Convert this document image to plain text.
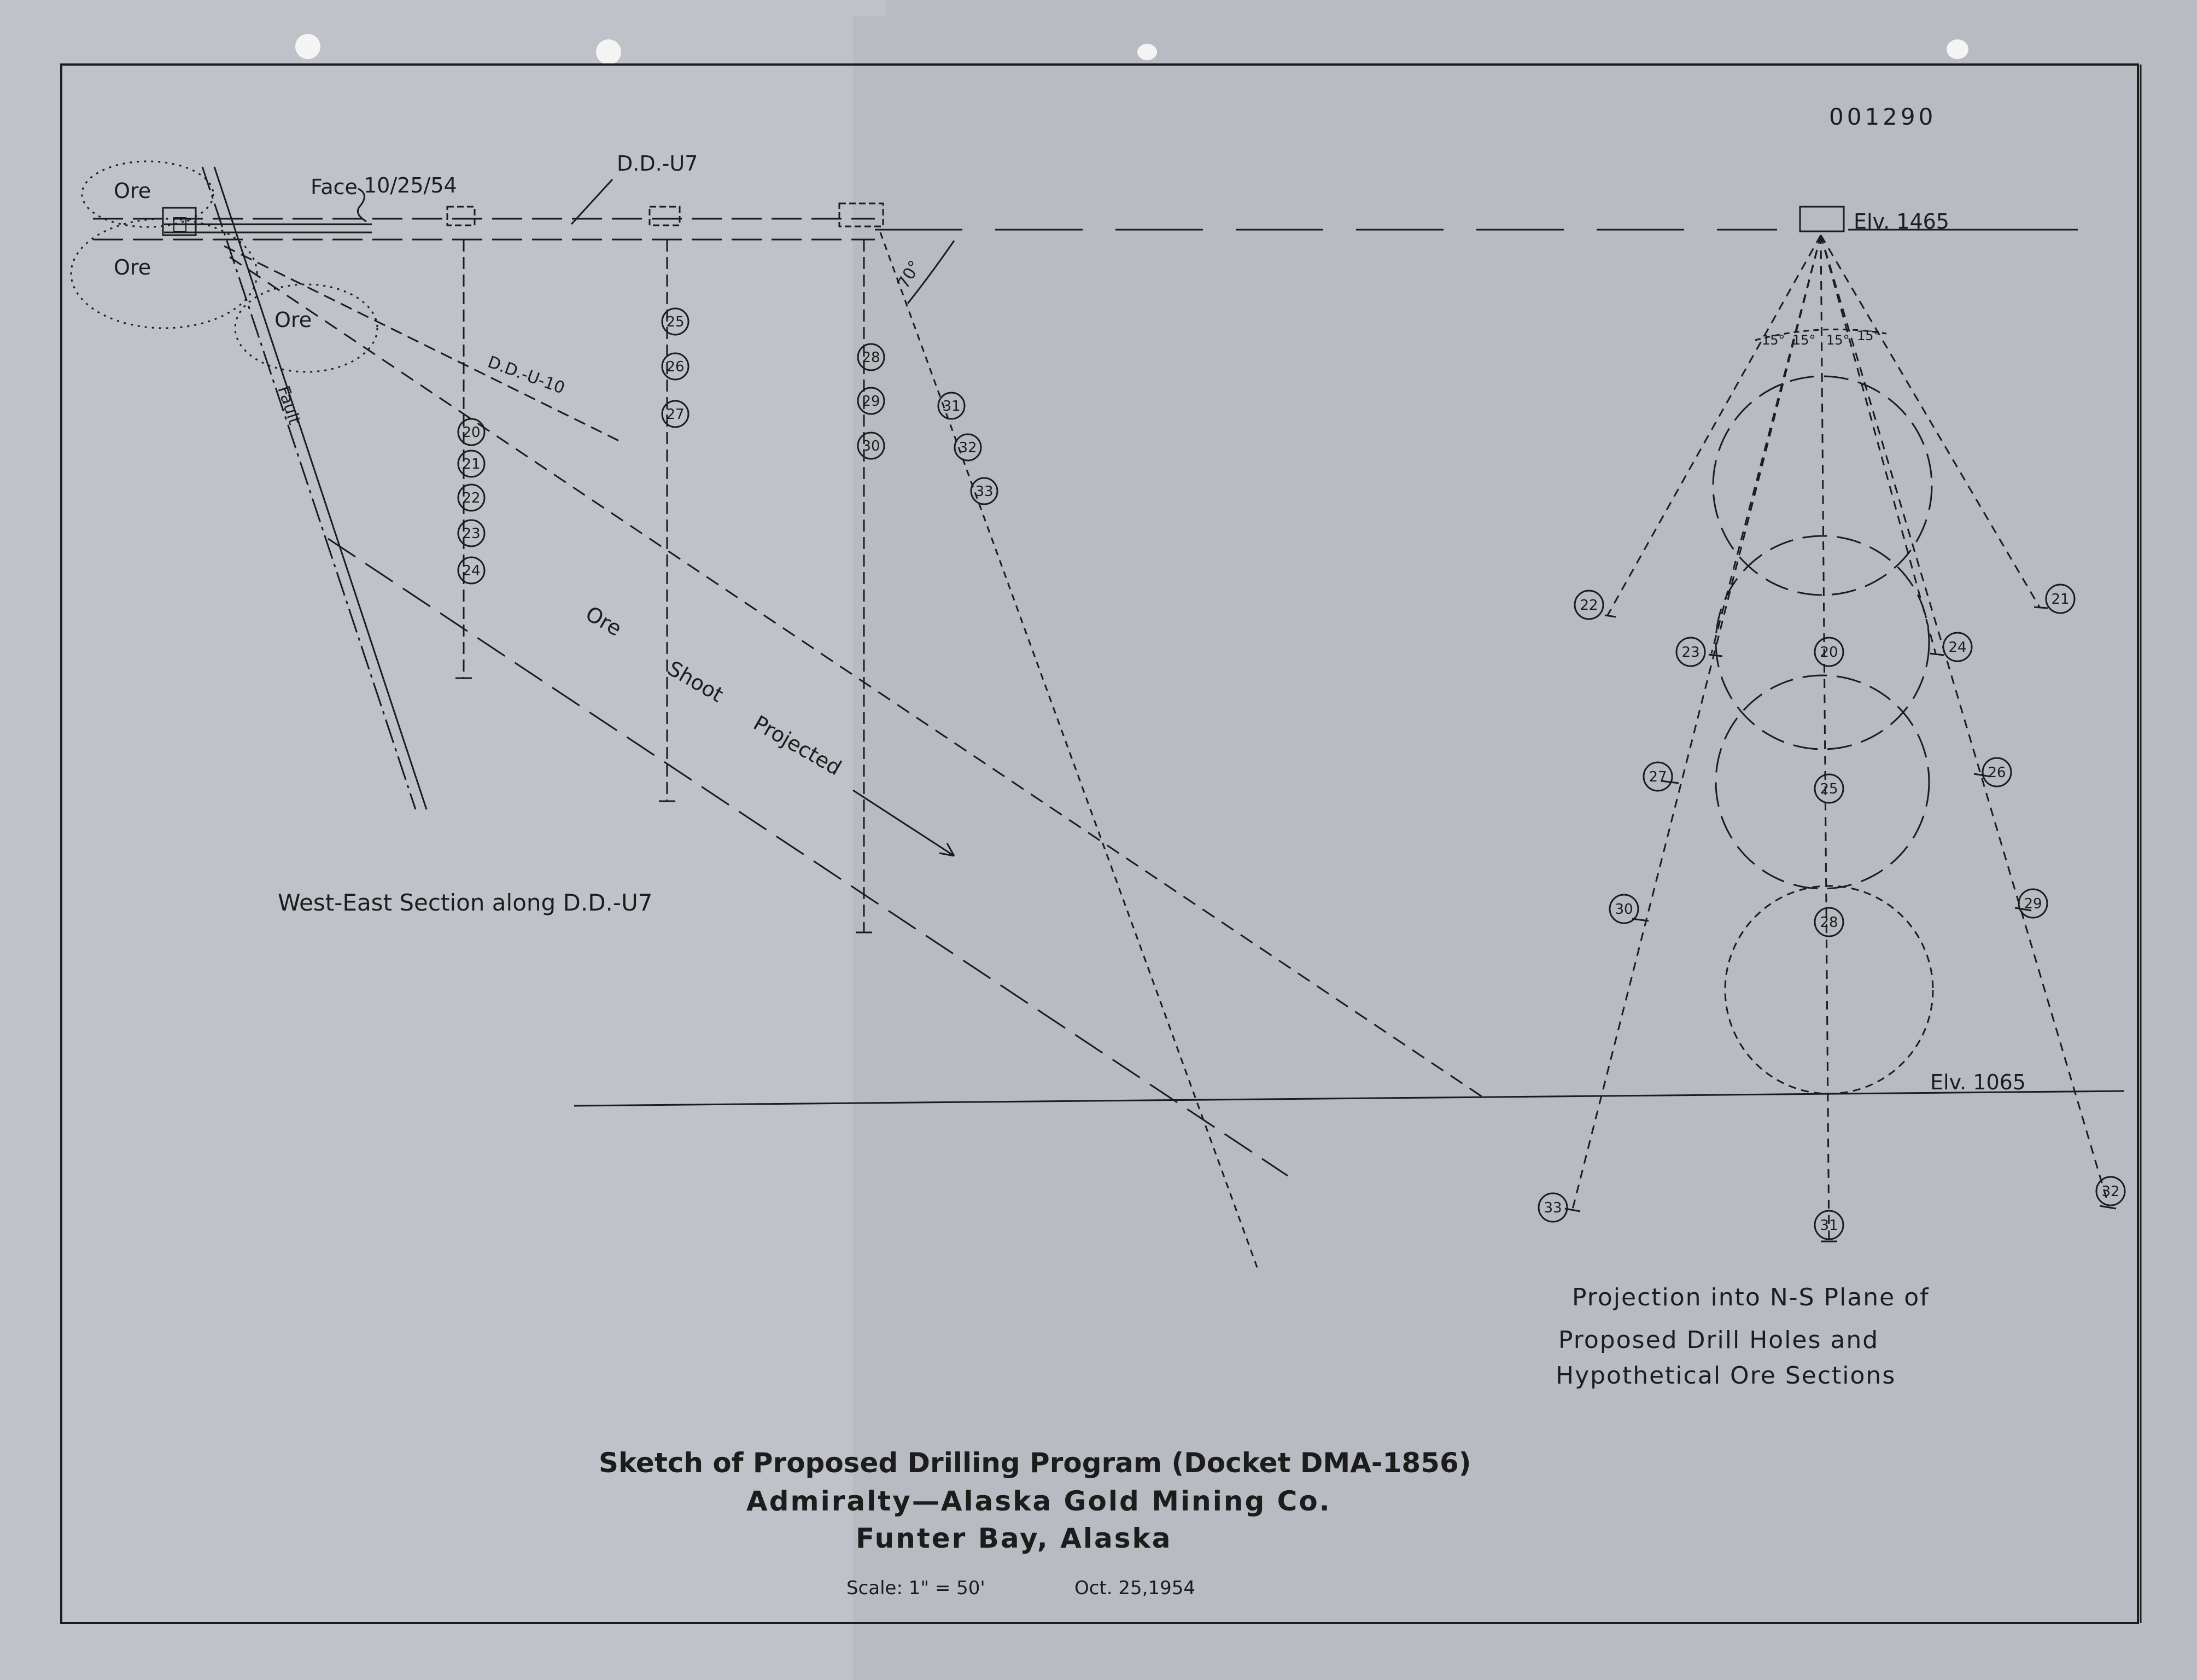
001290
Ore
Ore
Ore
Face 10/25/54
D.D.-U7
D.D.-U-10
Fault
70°
Ore
Shoot
Projected
West-East Section along D.D.-U7
20
21
22
23
24
25
26
27
28
29
30
31
32
33
Elv. 1465
Elv. 1065
15° 15° 15° 15°
22	21
23	20	24
27
25
26
30
28
29
33
31
32
Projection into N-S Plane of
Proposed Drill Holes and
Hypothetical Ore Sections
Sketch of Proposed Drilling Program (Docket DMA-1856)
Admiralty—Alaska Gold Mining Co.
Funter Bay, Alaska
Scale: 1" = 50'	Oct. 25,1954
